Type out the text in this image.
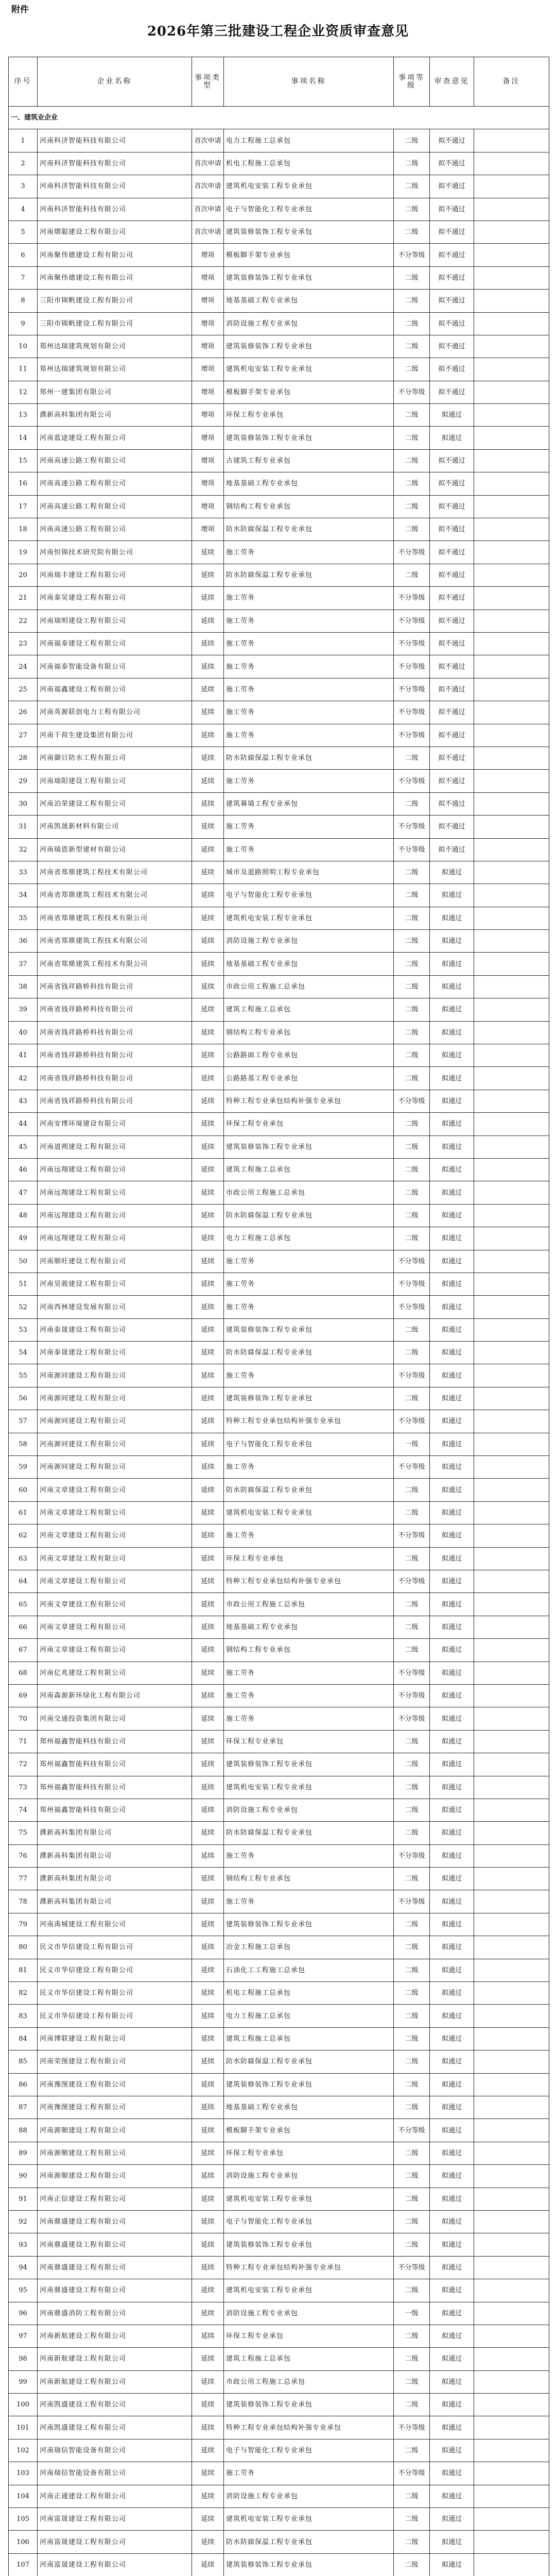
附件
2026年第三批建设工程企业资质审查意见
序号	企业名称	事项类型	事项名称	事项等级	审查意见	备注
一、建筑业企业						
1	河南科济智能科技有限公司	首次申请	电力工程施工总承包	二级	拟不通过	
2	河南科济智能科技有限公司	首次申请	机电工程施工总承包	二级	拟不通过	
3	河南科济智能科技有限公司	首次申请	建筑机电安装工程专业承包	二级	拟不通过	
4	河南科济智能科技有限公司	首次申请	电子与智能化工程专业承包	二级	拟不通过	
5	河南熠聪建设工程有限公司	首次申请	建筑装修装饰工程专业承包	二级	拟不通过	
6	河南聚伟德建设工程有限公司	增项	模板脚手架专业承包	不分等级	拟不通过	
7	河南聚伟德建设工程有限公司	增项	建筑装修装饰工程专业承包	二级	拟不通过	
8	三阳市锦帆建设工程有限公司	增项	地基基础工程专业承包	二级	拟不通过	
9	三阳市锦帆建设工程有限公司	增项	消防设施工程专业承包	二级	拟不通过	
10	郑州达瑞建筑规划有限公司	增项	建筑装修装饰工程专业承包	二级	拟不通过	
11	郑州达瑞建筑规划有限公司	增项	建筑机电安装工程专业承包	二级	拟不通过	
12	郑州一建集团有限公司	增项	模板脚手架专业承包	不分等级	拟不通过	
13	濮新高科集团有限公司	增项	环保工程专业承包	二级	拟通过	
14	河南蓝途建设工程有限公司	增项	建筑装修装饰工程专业承包	二级	拟通过	
15	河南高速公路工程有限公司	增项	古建筑工程专业承包	二级	拟不通过	
16	河南高速公路工程有限公司	增项	地基基础工程专业承包	二级	拟不通过	
17	河南高速公路工程有限公司	增项	钢结构工程专业承包	二级	拟不通过	
18	河南高速公路工程有限公司	增项	防水防腐保温工程专业承包	二级	拟不通过	
19	河南恒锦技术研究院有限公司	延续	施工劳务	不分等级	拟不通过	
20	河南瑞丰建设工程有限公司	延续	防水防腐保温工程专业承包	二级	拟不通过	
21	河南泰昊建设工程有限公司	延续	施工劳务	不分等级	拟不通过	
22	河南瑞明建设工程有限公司	延续	施工劳务	不分等级	拟不通过	
23	河南福泰建设工程有限公司	延续	施工劳务	不分等级	拟不通过	
24	河南福泰智能设备有限公司	延续	施工劳务	不分等级	拟不通过	
25	河南福鑫建设工程有限公司	延续	施工劳务	不分等级	拟不通过	
26	河南英源联创电力工程有限公司	延续	施工劳务	不分等级	拟不通过	
27	河南千荷生建设集团有限公司	延续	施工劳务	不分等级	拟不通过	
28	河南御日防水工程有限公司	延续	防水防腐保温工程专业承包	二级	拟不通过	
29	河南瑞阳建设工程有限公司	延续	施工劳务	不分等级	拟不通过	
30	河南泊荣建设工程有限公司	延续	建筑幕墙工程专业承包	二级	拟不通过	
31	河南凯晟新材料有限公司	延续	施工劳务	不分等级	拟不通过	
32	河南瑞恩新型建材有限公司	延续	施工劳务	不分等级	拟不通过	
33	河南省郑鼎建筑工程技术有限公司	延续	城市及道路照明工程专业承包	二级	拟通过	
34	河南省郑鼎建筑工程技术有限公司	延续	电子与智能化工程专业承包	二级	拟通过	
35	河南省郑鼎建筑工程技术有限公司	延续	建筑机电安装工程专业承包	二级	拟通过	
36	河南省郑鼎建筑工程技术有限公司	延续	消防设施工程专业承包	二级	拟通过	
37	河南省郑鼎建筑工程技术有限公司	延续	地基基础工程专业承包	二级	拟通过	
38	河南省钱祥路桥科技有限公司	延续	市政公用工程施工总承包	二级	拟通过	
39	河南省钱祥路桥科技有限公司	延续	建筑工程施工总承包	二级	拟通过	
40	河南省钱祥路桥科技有限公司	延续	钢结构工程专业承包	二级	拟通过	
41	河南省钱祥路桥科技有限公司	延续	公路路面工程专业承包	二级	拟通过	
42	河南省钱祥路桥科技有限公司	延续	公路路基工程专业承包	二级	拟通过	
43	河南省钱祥路桥科技有限公司	延续	特种工程专业承包结构补强专业承包	不分等级	拟通过	
44	河南安博环境建设有限公司	延续	环保工程专业承包	二级	拟通过	
45	河南道朔建设工程有限公司	延续	建筑装修装饰工程专业承包	二级	拟通过	
46	河南远翔建设工程有限公司	延续	建筑工程施工总承包	二级	拟通过	
47	河南远翔建设工程有限公司	延续	市政公用工程施工总承包	二级	拟通过	
48	河南远翔建设工程有限公司	延续	防水防腐保温工程专业承包	二级	拟通过	
49	河南远翔建设工程有限公司	延续	电力工程施工总承包	二级	拟通过	
50	河南顺旺建设工程有限公司	延续	施工劳务	不分等级	拟通过	
51	河南昊骏建设工程有限公司	延续	施工劳务	不分等级	拟通过	
52	河南西林建设发展有限公司	延续	施工劳务	不分等级	拟通过	
53	河南泰晟建设工程有限公司	延续	建筑装修装饰工程专业承包	二级	拟通过	
54	河南泰晟建设工程有限公司	延续	防水防腐保温工程专业承包	二级	拟通过	
55	河南源同建设工程有限公司	延续	施工劳务	不分等级	拟通过	
56	河南源同建设工程有限公司	延续	建筑装修装饰工程专业承包	二级	拟通过	
57	河南源同建设工程有限公司	延续	特种工程专业承包结构补强专业承包	不分等级	拟通过	
58	河南源同建设工程有限公司	延续	电子与智能化工程专业承包	一级	拟通过	
59	河南源同建设工程有限公司	延续	施工劳务	不分等级	拟通过	
60	河南文章建设工程有限公司	延续	防水防腐保温工程专业承包	二级	拟通过	
61	河南文章建设工程有限公司	延续	建筑机电安装工程专业承包	二级	拟通过	
62	河南文章建设工程有限公司	延续	施工劳务	不分等级	拟通过	
63	河南文章建设工程有限公司	延续	环保工程专业承包	二级	拟通过	
64	河南文章建设工程有限公司	延续	特种工程专业承包结构补强专业承包	不分等级	拟通过	
65	河南文章建设工程有限公司	延续	市政公用工程施工总承包	二级	拟通过	
66	河南文章建设工程有限公司	延续	地基基础工程专业承包	二级	拟通过	
67	河南文章建设工程有限公司	延续	钢结构工程专业承包	二级	拟通过	
68	河南亿兆建设工程有限公司	延续	施工劳务	不分等级	拟通过	
69	河南森源新环绿化工程有限公司	延续	施工劳务	不分等级	拟通过	
70	河南交通投资集团有限公司	延续	施工劳务	不分等级	拟通过	
71	郑州福鑫智能科技有限公司	延续	环保工程专业承包	二级	拟通过	
72	郑州福鑫智能科技有限公司	延续	建筑装修装饰工程专业承包	二级	拟通过	
73	郑州福鑫智能科技有限公司	延续	建筑机电安装工程专业承包	二级	拟通过	
74	郑州福鑫智能科技有限公司	延续	消防设施工程专业承包	二级	拟通过	
75	濮新高科集团有限公司	延续	防水防腐保温工程专业承包	二级	拟通过	
76	濮新高科集团有限公司	延续	施工劳务	不分等级	拟通过	
77	濮新高科集团有限公司	延续	钢结构工程专业承包	二级	拟通过	
78	濮新高科集团有限公司	延续	施工劳务	不分等级	拟通过	
79	河南禹城建设工程有限公司	延续	建筑装修装饰工程专业承包	二级	拟通过	
80	民义市华信建设工程有限公司	延续	冶金工程施工总承包	二级	拟通过	
81	民义市华信建设工程有限公司	延续	石油化工工程施工总承包	二级	拟通过	
82	民义市华信建设工程有限公司	延续	机电工程施工总承包	二级	拟通过	
83	民义市华信建设工程有限公司	延续	电力工程施工总承包	二级	拟通过	
84	河南博联建设工程有限公司	延续	建筑工程施工总承包	二级	拟通过	
85	河南荣图建设工程有限公司	延续	防水防腐保温工程专业承包	二级	拟通过	
86	河南豫图建设工程有限公司	延续	建筑装修装饰工程专业承包	二级	拟通过	
87	河南豫图建设工程有限公司	延续	地基基础工程专业承包	二级	拟通过	
88	河南源顺建设工程有限公司	延续	模板脚手架专业承包	不分等级	拟通过	
89	河南源顺建设工程有限公司	延续	环保工程专业承包	二级	拟通过	
90	河南源顺建设工程有限公司	延续	消防设施工程专业承包	二级	拟通过	
91	河南正信建设工程有限公司	延续	建筑机电安装工程专业承包	二级	拟通过	
92	河南鼎盛建设工程有限公司	延续	电子与智能化工程专业承包	二级	拟通过	
93	河南鼎盛建设工程有限公司	延续	建筑装修装饰工程专业承包	二级	拟通过	
94	河南鼎盛建设工程有限公司	延续	特种工程专业承包结构补强专业承包	不分等级	拟通过	
95	河南鼎盛建设工程有限公司	延续	建筑机电安装工程专业承包	二级	拟通过	
96	河南鼎盛消防工程有限公司	延续	消防设施工程专业承包	一级	拟通过	
97	河南新航建设工程有限公司	延续	环保工程专业承包	二级	拟通过	
98	河南新航建设工程有限公司	延续	建筑工程施工总承包	二级	拟通过	
99	河南新航建设工程有限公司	延续	市政公用工程施工总承包	二级	拟通过	
100	河南凯盛建设工程有限公司	延续	建筑装修装饰工程专业承包	二级	拟通过	
101	河南凯盛建设工程有限公司	延续	特种工程专业承包结构补强专业承包	不分等级	拟通过	
102	河南瑞信智能设备有限公司	延续	电子与智能化工程专业承包	二级	拟通过	
103	河南瑞信智能设备有限公司	延续	施工劳务	不分等级	拟通过	
104	河南正通建设工程有限公司	延续	消防设施工程专业承包	二级	拟通过	
105	河南富晟建设工程有限公司	延续	建筑机电安装工程专业承包	二级	拟通过	
106	河南富晟建设工程有限公司	延续	防水防腐保温工程专业承包	二级	拟通过	
107	河南富晟建设工程有限公司	延续	建筑装修装饰工程专业承包	二级	拟通过	
